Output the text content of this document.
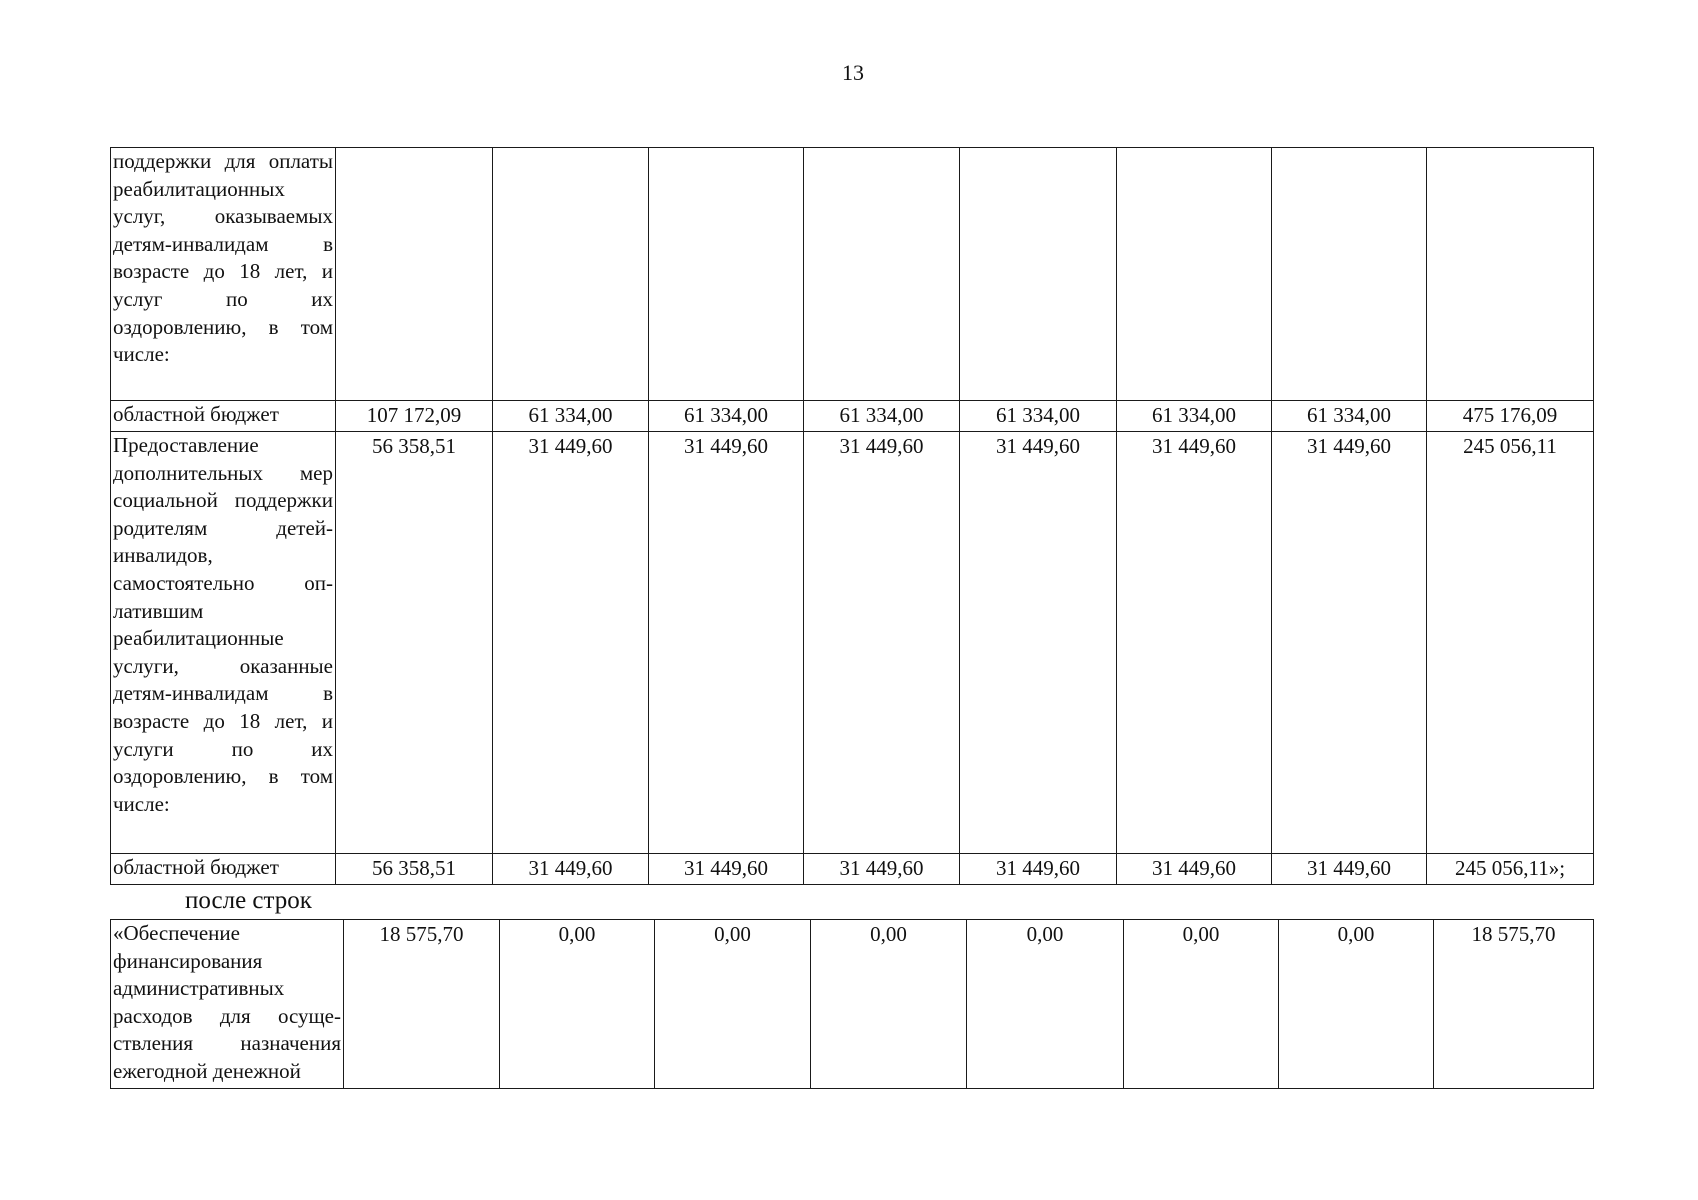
13
поддержки для оплаты реабилитационных услуг, оказываемых детям-инвалидам в возрасте до 18 лет, и услуг по их оздоровлению, в том числе:								
областной бюджет	107 172,09	61 334,00	61 334,00	61 334,00	61 334,00	61 334,00	61 334,00	475 176,09
Предоставление дополнительных мер социальной поддержки родителям детей-инвалидов, самостоятельно оп-латившим реабилитационные услуги, оказанные детям-инвалидам в возрасте до 18 лет, и услуги по их оздоровлению, в том числе:	56 358,51	31 449,60	31 449,60	31 449,60	31 449,60	31 449,60	31 449,60	245 056,11
областной бюджет	56 358,51	31 449,60	31 449,60	31 449,60	31 449,60	31 449,60	31 449,60	245 056,11»;
после строк
«Обеспечение финансирования административных расходов для осуще-ствления назначения ежегодной денежной	18 575,70	0,00	0,00	0,00	0,00	0,00	0,00	18 575,70
